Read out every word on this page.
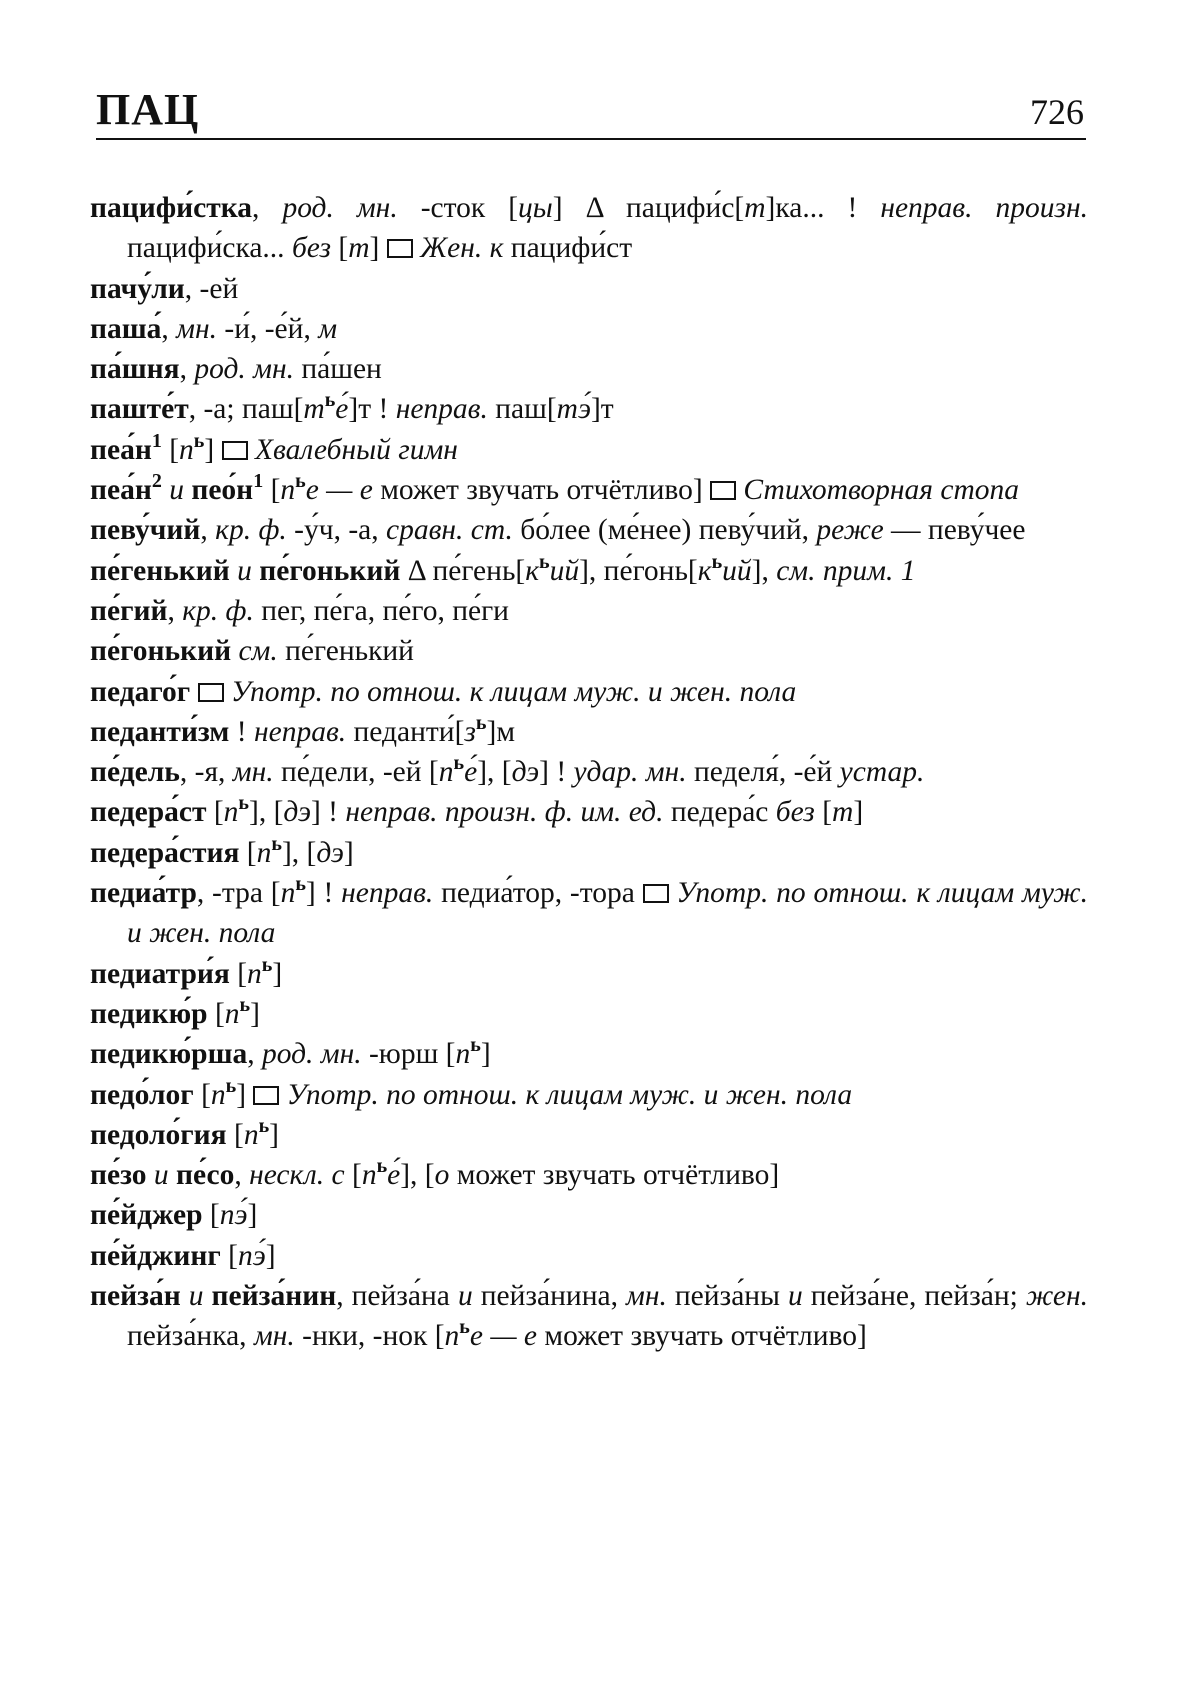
ПАЦ	726

пацифи́стка, род. мн. -сток [цы] Δ пацифи́с[т]ка... ! неправ. произн. пацифи́ска... без [т]  Жен. к пацифи́ст

пачу́ли, -ей

паша́, мн. -и́, -е́й, м

па́шня, род. мн. па́шен

паште́т, -а; $паш[т^ье́]т$ ! неправ. паш[тэ́]т

$пеа́н^1$ $[п^ь]$  Хвалебный гимн

$пеа́н^2$ и $пео́н^1$ [$п^ье$ — е может звучать отчётливо]  Стихотворная стопа

певу́чий, кр. ф. -у́ч, -а, сравн. ст. бо́лее (ме́нее) певу́чий, реже — певу́чее

пе́генький и пе́гонький Δ $пе́гень[к^ьий]$, $пе́гонь[к^ьий]$, см. прим. 1

пе́гий, кр. ф. пег, пе́га, пе́го, пе́ги

пе́гонький см. пе́генький

педаго́г Употр. по отнош. к лицам муж. и жен. пола

педанти́зм ! неправ. $педанти́[з^ь]м$

пе́дель, -я, мн. пе́дели, -ей $[п^ье́]$, [дэ] ! удар. мн. педеля́, -е́й устар.

педера́ст $[п^ь]$, [дэ] ! неправ. произн. ф. им. ед. педера́с без [т]

педера́стия $[п^ь]$, [дэ]

педиа́тр, -тра $[п^ь]$ ! неправ. педиа́тор, -тора  Употр. по отнош. к лицам муж. и жен. пола

педиатри́я $[п^ь]$

педикю́р $[п^ь]$

педикю́рша, род. мн. -юрш $[п^ь]$

педо́лог $[п^ь]$  Употр. по отнош. к лицам муж. и жен. пола

педоло́гия $[п^ь]$

пе́зо и пе́со, нескл. с $[п^ье́]$, [о может звучать отчётливо]

пе́йджер [пэ́]

пе́йджинг [пэ́]

пейза́н и пейза́нин, пейза́на и пейза́нина, мн. пейза́ны и пейза́не, пейза́н; жен. пейза́нка, мн. -нки, -нок [$п^ье$ — е может звучать отчётливо]
